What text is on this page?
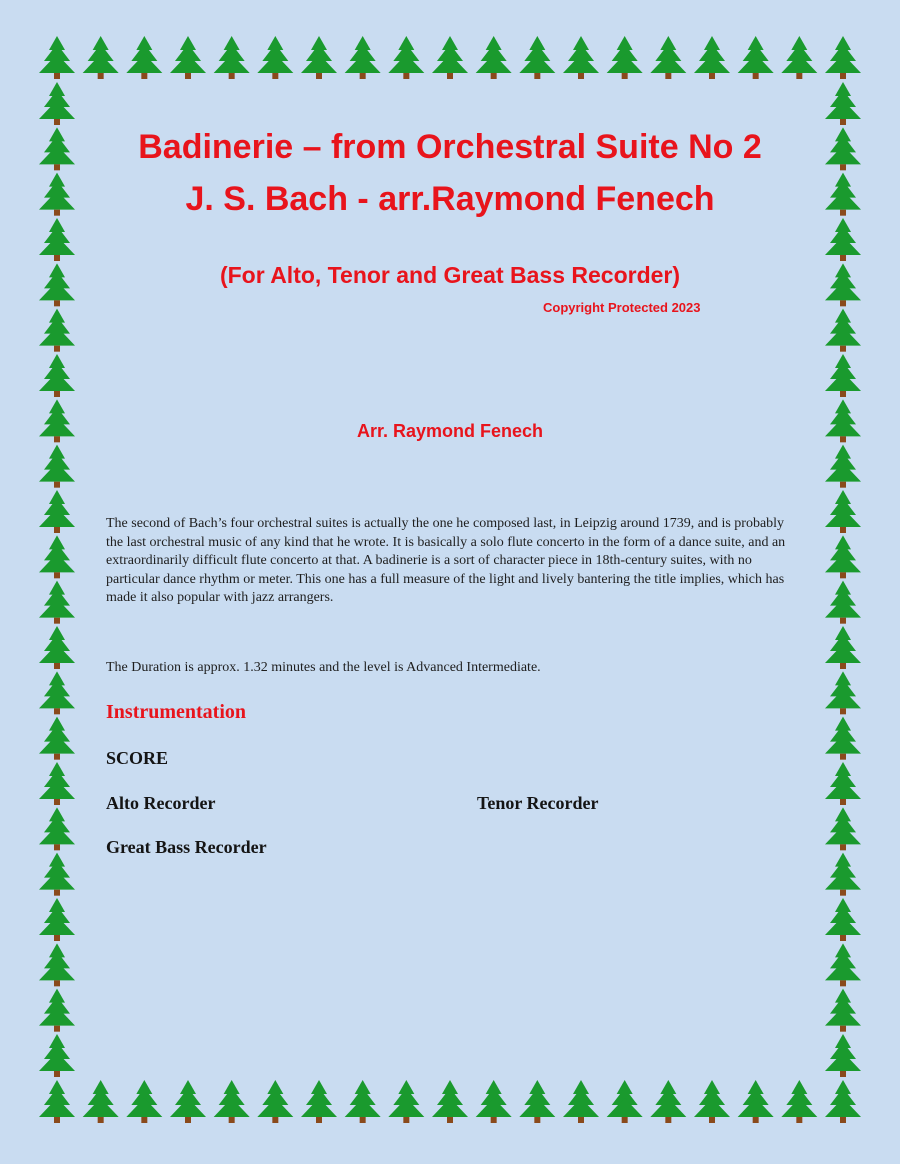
Badinerie – from Orchestral Suite No 2
J. S. Bach - arr.Raymond Fenech
(For Alto, Tenor and Great Bass Recorder)
Copyright Protected 2023
Arr. Raymond Fenech

The second of Bach’s four orchestral suites is actually the one he composed last, in Leipzig around 1739, and is probably the last orchestral music of any kind that he wrote. It is basically a solo flute concerto in the form of a dance suite, and an extraordinarily difficult flute concerto at that. A badinerie is a sort of character piece in 18th-century suites, with no particular dance rhythm or meter. This one has a full measure of the light and lively bantering the title implies, which has made it also popular with jazz arrangers.

The Duration is approx. 1.32 minutes and the level is Advanced Intermediate.

Instrumentation

SCORE

Alto Recorder	Tenor Recorder

Great Bass Recorder
